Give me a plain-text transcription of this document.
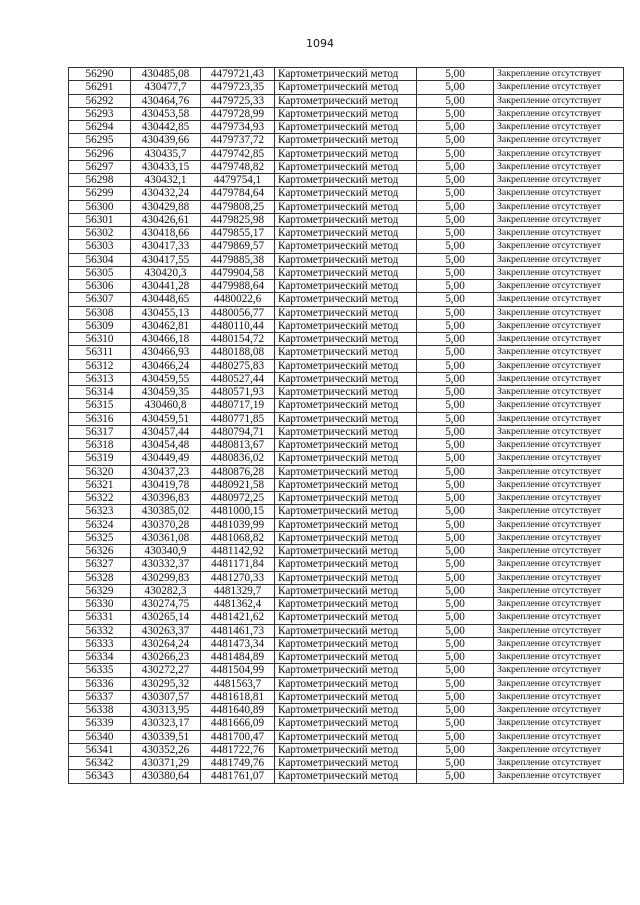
1094
56290	430485,08	4479721,43	Картометрический метод	5,00	Закрепление отсутствует
56291	430477,7	4479723,35	Картометрический метод	5,00	Закрепление отсутствует
56292	430464,76	4479725,33	Картометрический метод	5,00	Закрепление отсутствует
56293	430453,58	4479728,99	Картометрический метод	5,00	Закрепление отсутствует
56294	430442,85	4479734,93	Картометрический метод	5,00	Закрепление отсутствует
56295	430439,66	4479737,72	Картометрический метод	5,00	Закрепление отсутствует
56296	430435,7	4479742,85	Картометрический метод	5,00	Закрепление отсутствует
56297	430433,15	4479748,82	Картометрический метод	5,00	Закрепление отсутствует
56298	430432,1	4479754,1	Картометрический метод	5,00	Закрепление отсутствует
56299	430432,24	4479784,64	Картометрический метод	5,00	Закрепление отсутствует
56300	430429,88	4479808,25	Картометрический метод	5,00	Закрепление отсутствует
56301	430426,61	4479825,98	Картометрический метод	5,00	Закрепление отсутствует
56302	430418,66	4479855,17	Картометрический метод	5,00	Закрепление отсутствует
56303	430417,33	4479869,57	Картометрический метод	5,00	Закрепление отсутствует
56304	430417,55	4479885,38	Картометрический метод	5,00	Закрепление отсутствует
56305	430420,3	4479904,58	Картометрический метод	5,00	Закрепление отсутствует
56306	430441,28	4479988,64	Картометрический метод	5,00	Закрепление отсутствует
56307	430448,65	4480022,6	Картометрический метод	5,00	Закрепление отсутствует
56308	430455,13	4480056,77	Картометрический метод	5,00	Закрепление отсутствует
56309	430462,81	4480110,44	Картометрический метод	5,00	Закрепление отсутствует
56310	430466,18	4480154,72	Картометрический метод	5,00	Закрепление отсутствует
56311	430466,93	4480188,08	Картометрический метод	5,00	Закрепление отсутствует
56312	430466,24	4480275,83	Картометрический метод	5,00	Закрепление отсутствует
56313	430459,55	4480527,44	Картометрический метод	5,00	Закрепление отсутствует
56314	430459,35	4480571,93	Картометрический метод	5,00	Закрепление отсутствует
56315	430460,8	4480717,19	Картометрический метод	5,00	Закрепление отсутствует
56316	430459,51	4480771,85	Картометрический метод	5,00	Закрепление отсутствует
56317	430457,44	4480794,71	Картометрический метод	5,00	Закрепление отсутствует
56318	430454,48	4480813,67	Картометрический метод	5,00	Закрепление отсутствует
56319	430449,49	4480836,02	Картометрический метод	5,00	Закрепление отсутствует
56320	430437,23	4480876,28	Картометрический метод	5,00	Закрепление отсутствует
56321	430419,78	4480921,58	Картометрический метод	5,00	Закрепление отсутствует
56322	430396,83	4480972,25	Картометрический метод	5,00	Закрепление отсутствует
56323	430385,02	4481000,15	Картометрический метод	5,00	Закрепление отсутствует
56324	430370,28	4481039,99	Картометрический метод	5,00	Закрепление отсутствует
56325	430361,08	4481068,82	Картометрический метод	5,00	Закрепление отсутствует
56326	430340,9	4481142,92	Картометрический метод	5,00	Закрепление отсутствует
56327	430332,37	4481171,84	Картометрический метод	5,00	Закрепление отсутствует
56328	430299,83	4481270,33	Картометрический метод	5,00	Закрепление отсутствует
56329	430282,3	4481329,7	Картометрический метод	5,00	Закрепление отсутствует
56330	430274,75	4481362,4	Картометрический метод	5,00	Закрепление отсутствует
56331	430265,14	4481421,62	Картометрический метод	5,00	Закрепление отсутствует
56332	430263,37	4481461,73	Картометрический метод	5,00	Закрепление отсутствует
56333	430264,24	4481473,34	Картометрический метод	5,00	Закрепление отсутствует
56334	430266,23	4481484,89	Картометрический метод	5,00	Закрепление отсутствует
56335	430272,27	4481504,99	Картометрический метод	5,00	Закрепление отсутствует
56336	430295,32	4481563,7	Картометрический метод	5,00	Закрепление отсутствует
56337	430307,57	4481618,81	Картометрический метод	5,00	Закрепление отсутствует
56338	430313,95	4481640,89	Картометрический метод	5,00	Закрепление отсутствует
56339	430323,17	4481666,09	Картометрический метод	5,00	Закрепление отсутствует
56340	430339,51	4481700,47	Картометрический метод	5,00	Закрепление отсутствует
56341	430352,26	4481722,76	Картометрический метод	5,00	Закрепление отсутствует
56342	430371,29	4481749,76	Картометрический метод	5,00	Закрепление отсутствует
56343	430380,64	4481761,07	Картометрический метод	5,00	Закрепление отсутствует
